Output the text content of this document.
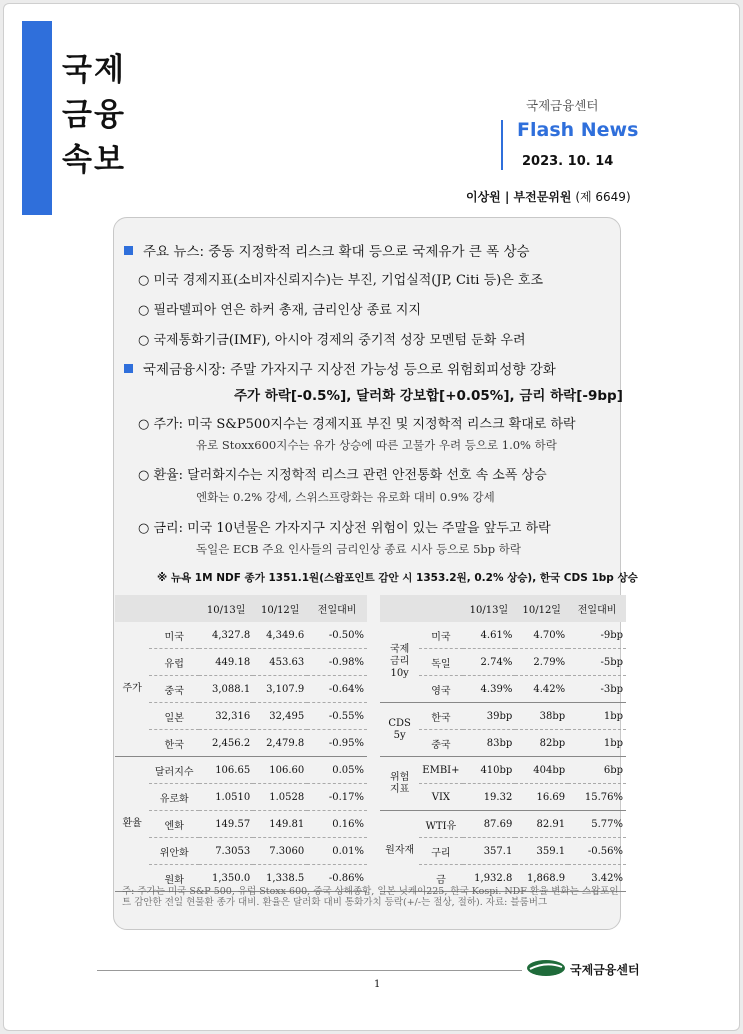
국제
금융
속보
국제금융센터
Flash News
2023. 10. 14
이상원 | 부전문위원 (제 6649)
주요 뉴스: 중동 지정학적 리스크 확대 등으로 국제유가 큰 폭 상승
○ 미국 경제지표(소비자신뢰지수)는 부진, 기업실적(JP, Citi 등)은 호조
○ 필라델피아 연은 하커 총재, 금리인상 종료 지지
○ 국제통화기금(IMF), 아시아 경제의 중기적 성장 모멘텀 둔화 우려
국제금융시장: 주말 가자지구 지상전 가능성 등으로 위험회피성향 강화
주가 하락[-0.5%], 달러화 강보합[+0.05%], 금리 하락[-9bp]
○ 주가: 미국 S&P500지수는 경제지표 부진 및 지정학적 리스크 확대로 하락
유로 Stoxx600지수는 유가 상승에 따른 고물가 우려 등으로 1.0% 하락
○ 환율: 달러화지수는 지정학적 리스크 관련 안전통화 선호 속 소폭 상승
엔화는 0.2% 강세, 스위스프랑화는 유로화 대비 0.9% 강세
○ 금리: 미국 10년물은 가자지구 지상전 위험이 있는 주말을 앞두고 하락
독일은 ECB 주요 인사들의 금리인상 종료 시사 등으로 5bp 하락
※ 뉴욕 1M NDF 종가 1351.1원(스왑포인트 감안 시 1353.2원, 0.2% 상승), 한국 CDS 1bp 상승
		10/13일	10/12일	전일대비
주가	미국	4,327.8	4,349.6	-0.50%
	유럽	449.18	453.63	-0.98%
	중국	3,088.1	3,107.9	-0.64%
	일본	32,316	32,495	-0.55%
	한국	2,456.2	2,479.8	-0.95%
환율	달러지수	106.65	106.60	0.05%
	유로화	1.0510	1.0528	-0.17%
	엔화	149.57	149.81	0.16%
	위안화	7.3053	7.3060	0.01%
	원화	1,350.0	1,338.5	-0.86%
		10/13일	10/12일	전일대비
국제
금리
10y	미국	4.61%	4.70%	-9bp
	독일	2.74%	2.79%	-5bp
	영국	4.39%	4.42%	-3bp
CDS
5y	한국	39bp	38bp	1bp
	중국	83bp	82bp	1bp
위험
지표	EMBI+	410bp	404bp	6bp
	VIX	19.32	16.69	15.76%
원자재	WTI유	87.69	82.91	5.77%
	구리	357.1	359.1	-0.56%
	금	1,932.8	1,868.9	3.42%
주: 주가는 미국 S&P 500, 유럽 Stoxx 600, 중국 상해종합, 일본 닛케이225, 한국 Kospi. NDF 환율 변화는 스왑포인트 감안한 전일 현물환 종가 대비. 환율은 달러화 대비 통화가치 등락(+/-는 절상, 절하). 자료: 블룸버그
1
국제금융센터
